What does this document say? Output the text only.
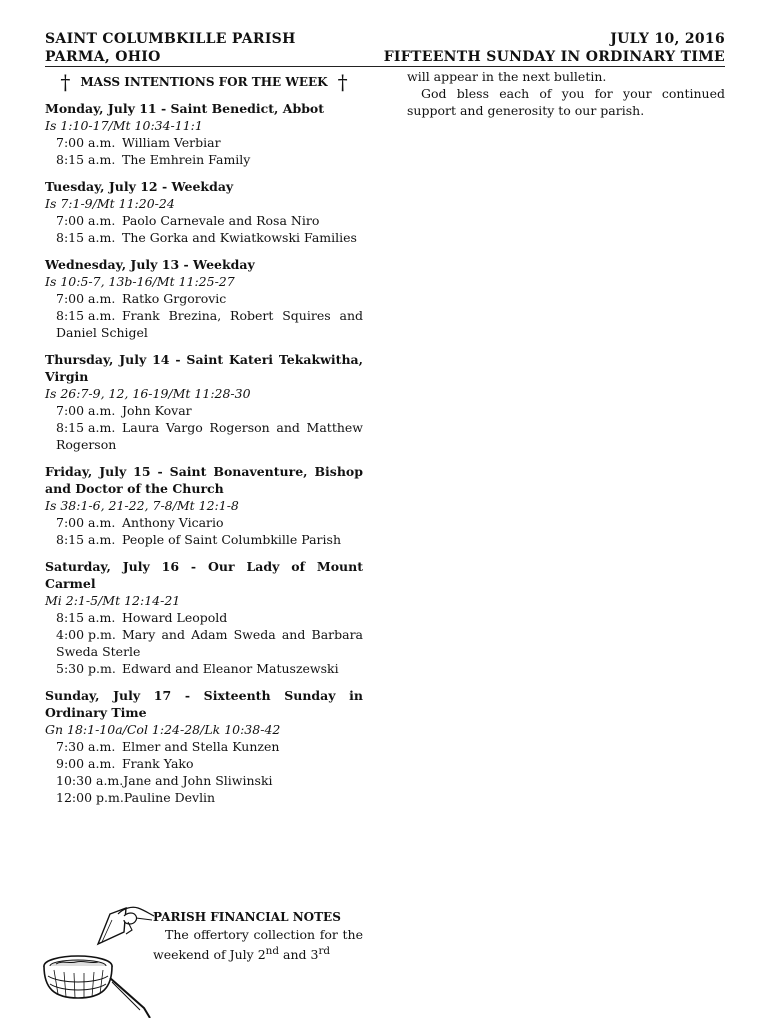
SAINT COLUMBKILLE PARISH
PARMA, OHIO
JULY 10, 2016
FIFTEENTH SUNDAY IN ORDINARY TIME
† MASS INTENTIONS FOR THE WEEK †
Monday, July 11 - Saint Benedict, Abbot
Is 1:10-17/Mt 10:34-11:1
7:00 a.m. William Verbiar
8:15 a.m. The Emhrein Family
Tuesday, July 12 - Weekday
Is 7:1-9/Mt 11:20-24
7:00 a.m. Paolo Carnevale and Rosa Niro
8:15 a.m. The Gorka and Kwiatkowski Families
Wednesday, July 13 - Weekday
Is 10:5-7, 13b-16/Mt 11:25-27
7:00 a.m. Ratko Grgorovic
8:15 a.m. Frank Brezina, Robert Squires and Daniel Schigel
Thursday, July 14 - Saint Kateri Tekakwitha, Virgin
Is 26:7-9, 12, 16-19/Mt 11:28-30
7:00 a.m. John Kovar
8:15 a.m. Laura Vargo Rogerson and Matthew Rogerson
Friday, July 15 - Saint Bonaventure, Bishop and Doctor of the Church
Is 38:1-6, 21-22, 7-8/Mt 12:1-8
7:00 a.m. Anthony Vicario
8:15 a.m. People of Saint Columbkille Parish
Saturday, July 16 - Our Lady of Mount Carmel
Mi 2:1-5/Mt 12:14-21
8:15 a.m. Howard Leopold
4:00 p.m. Mary and Adam Sweda and Barbara Sweda Sterle
5:30 p.m. Edward and Eleanor Matuszewski
Sunday, July 17 - Sixteenth Sunday in Ordinary Time
Gn 18:1-10a/Col 1:24-28/Lk 10:38-42
7:30 a.m. Elmer and Stella Kunzen
9:00 a.m. Frank Yako
10:30 a.m.Jane and John Sliwinski
12:00 p.m.Pauline Devlin

will appear in the next bulletin.

God bless each of you for your continued support and generosity to our parish.

PARISH FINANCIAL NOTES
The offertory collection for the weekend of July 2nd and 3rd
